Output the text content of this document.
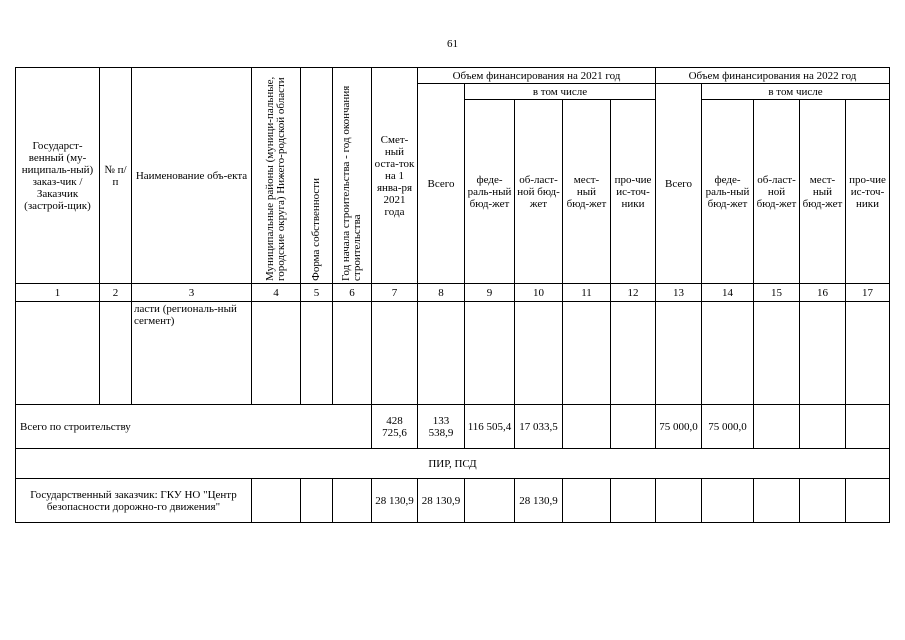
61
Государст-венный (му-ниципаль-ный) заказ-чик / Заказчик (застрой-щик)	№ п/п	Наименование объ-екта	Муниципальные районы (муници-пальные, городские округа) Нижего-родской области	Форма собственности	Год начала строительства - год окончания строительства	Смет-ный оста-ток на 1 янва-ря 2021 года	Объем финансирования на 2021 год					Объем финансирования на 2022 год				
							Всего	в том числе				Всего	в том числе			
								феде-раль-ный бюд-жет	об-ласт-ной бюд-жет	мест-ный бюд-жет	про-чие ис-точ-ники		феде-раль-ный бюд-жет	об-ласт-ной бюд-жет	мест-ный бюд-жет	про-чие ис-точ-ники
1	2	3	4	5	6	7	8	9	10	11	12	13	14	15	16	17
		ласти (региональ-ный сегмент)														
Всего по строительству						428 725,6	133 538,9	116 505,4	17 033,5			75 000,0	75 000,0			
ПИР, ПСД																
Государственный заказчик: ГКУ НО "Центр безопасности дорожно-го движения"						28 130,9	28 130,9		28 130,9							
